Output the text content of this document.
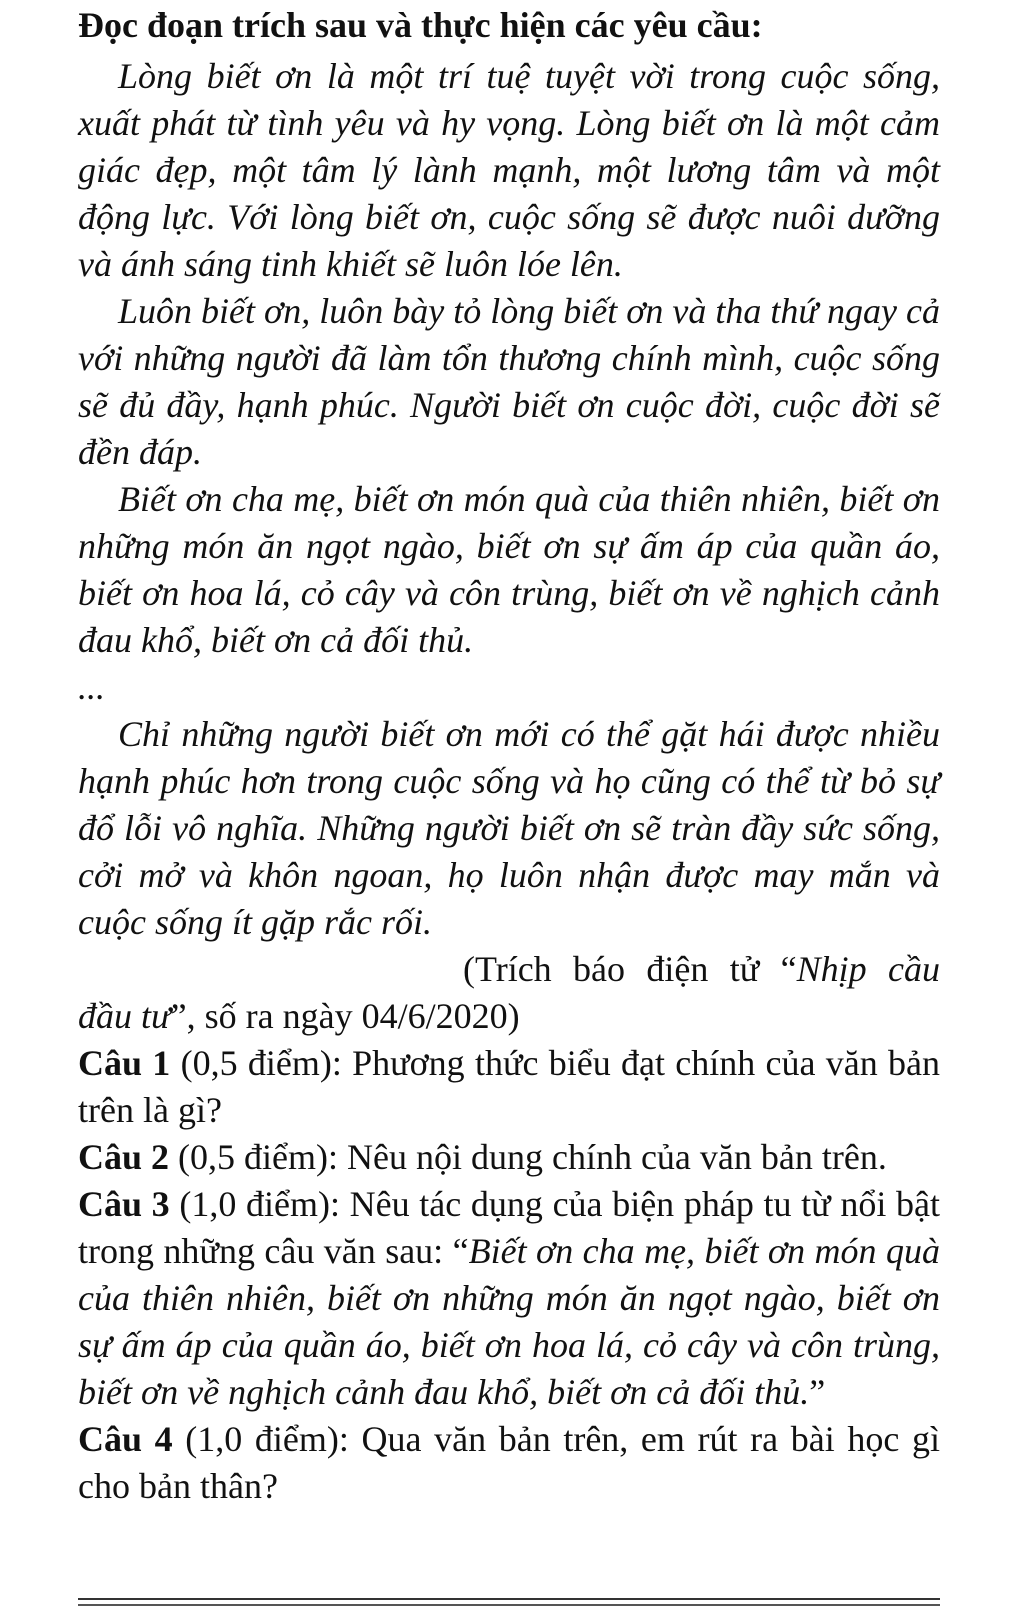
Đọc đoạn trích sau và thực hiện các yêu cầu:

Lòng biết ơn là một trí tuệ tuyệt vời trong cuộc sống, xuất phát từ tình yêu và hy vọng. Lòng biết ơn là một cảm giác đẹp, một tâm lý lành mạnh, một lương tâm và một động lực. Với lòng biết ơn, cuộc sống sẽ được nuôi dưỡng và ánh sáng tinh khiết sẽ luôn lóe lên.

Luôn biết ơn, luôn bày tỏ lòng biết ơn và tha thứ ngay cả với những người đã làm tổn thương chính mình, cuộc sống sẽ đủ đầy, hạnh phúc. Người biết ơn cuộc đời, cuộc đời sẽ đền đáp.

Biết ơn cha mẹ, biết ơn món quà của thiên nhiên, biết ơn những món ăn ngọt ngào, biết ơn sự ấm áp của quần áo, biết ơn hoa lá, cỏ cây và côn trùng, biết ơn về nghịch cảnh đau khổ, biết ơn cả đối thủ.

...

Chỉ những người biết ơn mới có thể gặt hái được nhiều hạnh phúc hơn trong cuộc sống và họ cũng có thể từ bỏ sự đổ lỗi vô nghĩa. Những người biết ơn sẽ tràn đầy sức sống, cởi mở và khôn ngoan, họ luôn nhận được may mắn và cuộc sống ít gặp rắc rối.

(Trích báo điện tử “Nhịp cầu đầu tư”, số ra ngày 04/6/2020)

Câu 1 (0,5 điểm): Phương thức biểu đạt chính của văn bản trên là gì?

Câu 2 (0,5 điểm): Nêu nội dung chính của văn bản trên.

Câu 3 (1,0 điểm): Nêu tác dụng của biện pháp tu từ nổi bật trong những câu văn sau: “Biết ơn cha mẹ, biết ơn món quà của thiên nhiên, biết ơn những món ăn ngọt ngào, biết ơn sự ấm áp của quần áo, biết ơn hoa lá, cỏ cây và côn trùng, biết ơn về nghịch cảnh đau khổ, biết ơn cả đối thủ.”

Câu 4 (1,0 điểm): Qua văn bản trên, em rút ra bài học gì cho bản thân?
